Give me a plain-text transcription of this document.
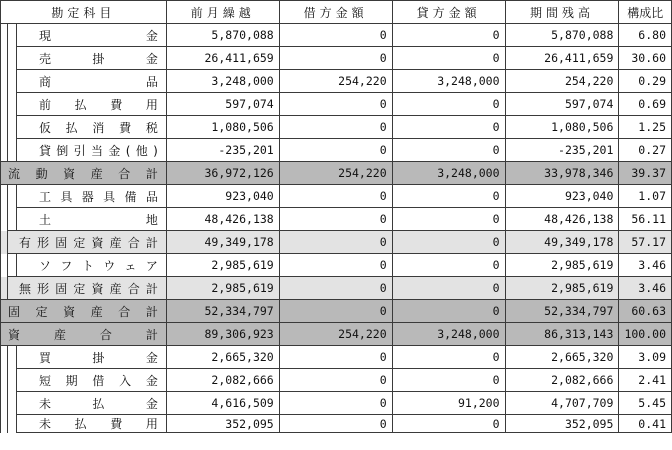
勘定科目			前月繰越	借方金額	貸方金額	期間残高	構成比
		現金	5,870,088	0	0	5,870,088	6.80
		売掛金	26,411,659	0	0	26,411,659	30.60
		商品	3,248,000	254,220	3,248,000	254,220	0.29
		前払費用	597,074	0	0	597,074	0.69
		仮払消費税	1,080,506	0	0	1,080,506	1.25
		貸倒引当金(他)	-235,201	0	0	-235,201	0.27
流動資産合計			36,972,126	254,220	3,248,000	33,978,346	39.37
		工具器具備品	923,040	0	0	923,040	1.07
		土地	48,426,138	0	0	48,426,138	56.11
	有形固定資産合計		49,349,178	0	0	49,349,178	57.17
		ソフトウェア	2,985,619	0	0	2,985,619	3.46
	無形固定資産合計		2,985,619	0	0	2,985,619	3.46
固定資産合計			52,334,797	0	0	52,334,797	60.63
資産合計			89,306,923	254,220	3,248,000	86,313,143	100.00
		買掛金	2,665,320	0	0	2,665,320	3.09
		短期借入金	2,082,666	0	0	2,082,666	2.41
		未払金	4,616,509	0	91,200	4,707,709	5.45
		未払費用	352,095	0	0	352,095	0.41
